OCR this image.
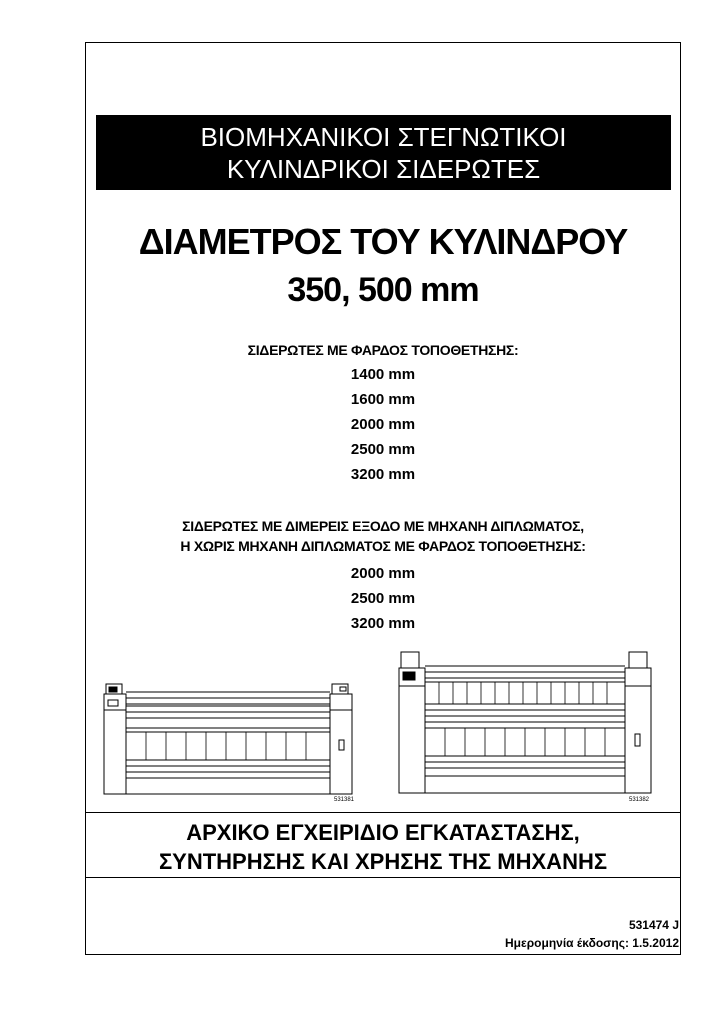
ΒΙΟΜΗΧΑΝΙΚΟΙ ΣΤΕΓΝΩΤΙΚΟΙ
ΚΥΛΙΝΔΡΙΚΟΙ ΣΙΔΕΡΩΤΕΣ
ΔΙΑΜΕΤΡΟΣ ΤΟΥ ΚΥΛΙΝΔΡΟΥ
350, 500 mm
ΣΙΔΕΡΩΤΕΣ ΜΕ ΦΑΡΔΟΣ ΤΟΠΟΘΕΤΗΣΗΣ:
1400 mm
1600 mm
2000 mm
2500 mm
3200 mm
ΣΙΔΕΡΩΤΕΣ ΜΕ ΔΙΜΕΡΕΙΣ ΕΞΟΔΟ ΜΕ ΜΗΧΑΝΗ ΔΙΠΛΩΜΑΤΟΣ,
Η ΧΩΡΙΣ ΜΗΧΑΝΗ ΔΙΠΛΩΜΑΤΟΣ ΜΕ ΦΑΡΔΟΣ ΤΟΠΟΘΕΤΗΣΗΣ:
2000 mm
2500 mm
3200 mm
531381	531382
ΑΡΧΙΚΟ ΕΓΧΕΙΡΙΔΙΟ ΕΓΚΑΤΑΣΤΑΣΗΣ,
ΣΥΝΤΗΡΗΣΗΣ ΚΑΙ ΧΡΗΣΗΣ ΤΗΣ ΜΗΧΑΝΗΣ
531474 J
Ημερομηνία έκδοσης: 1.5.2012
